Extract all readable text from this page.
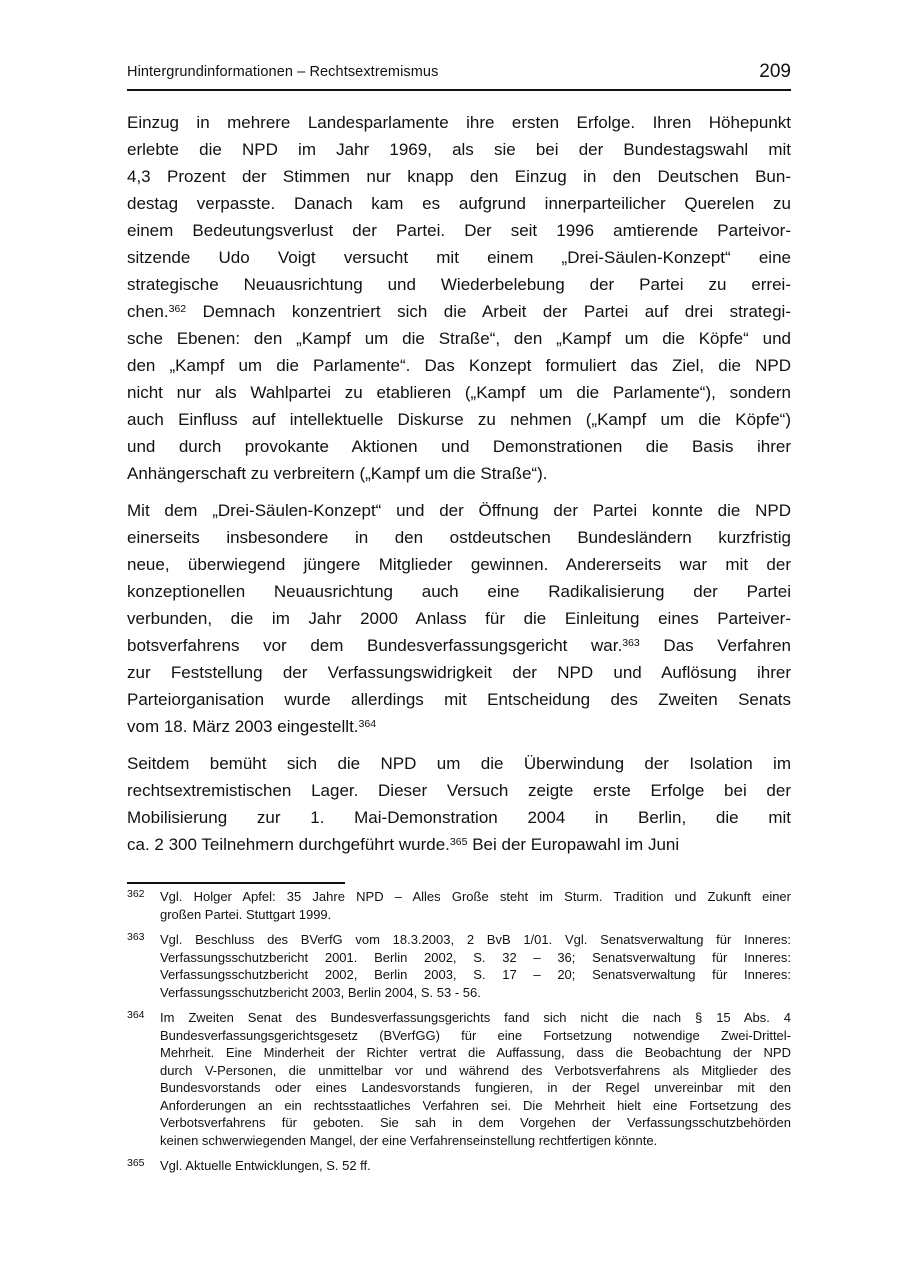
Hintergrundinformationen – Rechtsextremismus	209
Einzug in mehrere Landesparlamente ihre ersten Erfolge. Ihren Höhepunkt
erlebte die NPD im Jahr 1969, als sie bei der Bundestagswahl mit
4,3 Prozent der Stimmen nur knapp den Einzug in den Deutschen Bun-
destag verpasste. Danach kam es aufgrund innerparteilicher Querelen zu
einem Bedeutungsverlust der Partei. Der seit 1996 amtierende Parteivor-
sitzende Udo Voigt versucht mit einem „Drei-Säulen-Konzept“ eine
strategische Neuausrichtung und Wiederbelebung der Partei zu errei-
chen.$^{362}$ Demnach konzentriert sich die Arbeit der Partei auf drei strategi-
sche Ebenen: den „Kampf um die Straße“, den „Kampf um die Köpfe“ und
den „Kampf um die Parlamente“. Das Konzept formuliert das Ziel, die NPD
nicht nur als Wahlpartei zu etablieren („Kampf um die Parlamente“), sondern
auch Einfluss auf intellektuelle Diskurse zu nehmen („Kampf um die Köpfe“)
und durch provokante Aktionen und Demonstrationen die Basis ihrer
Anhängerschaft zu verbreitern („Kampf um die Straße“).
Mit dem „Drei-Säulen-Konzept“ und der Öffnung der Partei konnte die NPD
einerseits insbesondere in den ostdeutschen Bundesländern kurzfristig
neue, überwiegend jüngere Mitglieder gewinnen. Andererseits war mit der
konzeptionellen Neuausrichtung auch eine Radikalisierung der Partei
verbunden, die im Jahr 2000 Anlass für die Einleitung eines Parteiver-
botsverfahrens vor dem Bundesverfassungsgericht war.$^{363}$ Das Verfahren
zur Feststellung der Verfassungswidrigkeit der NPD und Auflösung ihrer
Parteiorganisation wurde allerdings mit Entscheidung des Zweiten Senats
vom 18. März 2003 eingestellt.$^{364}$
Seitdem bemüht sich die NPD um die Überwindung der Isolation im
rechtsextremistischen Lager. Dieser Versuch zeigte erste Erfolge bei der
Mobilisierung zur 1. Mai-Demonstration 2004 in Berlin, die mit
ca. 2 300 Teilnehmern durchgeführt wurde.$^{365}$ Bei der Europawahl im Juni
362	Vgl. Holger Apfel: 35 Jahre NPD – Alles Große steht im Sturm. Tradition und Zukunft einer
großen Partei. Stuttgart 1999.
363	Vgl. Beschluss des BVerfG vom 18.3.2003, 2 BvB 1/01. Vgl. Senatsverwaltung für Inneres:
Verfassungsschutzbericht 2001. Berlin 2002, S. 32 – 36; Senatsverwaltung für Inneres:
Verfassungsschutzbericht 2002, Berlin 2003, S. 17 – 20; Senatsverwaltung für Inneres:
Verfassungsschutzbericht 2003, Berlin 2004, S. 53 - 56.
364	Im Zweiten Senat des Bundesverfassungsgerichts fand sich nicht die nach § 15 Abs. 4
Bundesverfassungsgerichtsgesetz (BVerfGG) für eine Fortsetzung notwendige Zwei-Drittel-
Mehrheit. Eine Minderheit der Richter vertrat die Auffassung, dass die Beobachtung der NPD
durch V-Personen, die unmittelbar vor und während des Verbotsverfahrens als Mitglieder des
Bundesvorstands oder eines Landesvorstands fungieren, in der Regel unvereinbar mit den
Anforderungen an ein rechtsstaatliches Verfahren sei. Die Mehrheit hielt eine Fortsetzung des
Verbotsverfahrens für geboten. Sie sah in dem Vorgehen der Verfassungsschutzbehörden
keinen schwerwiegenden Mangel, der eine Verfahrenseinstellung rechtfertigen könnte.
365	Vgl. Aktuelle Entwicklungen, S. 52 ff.
